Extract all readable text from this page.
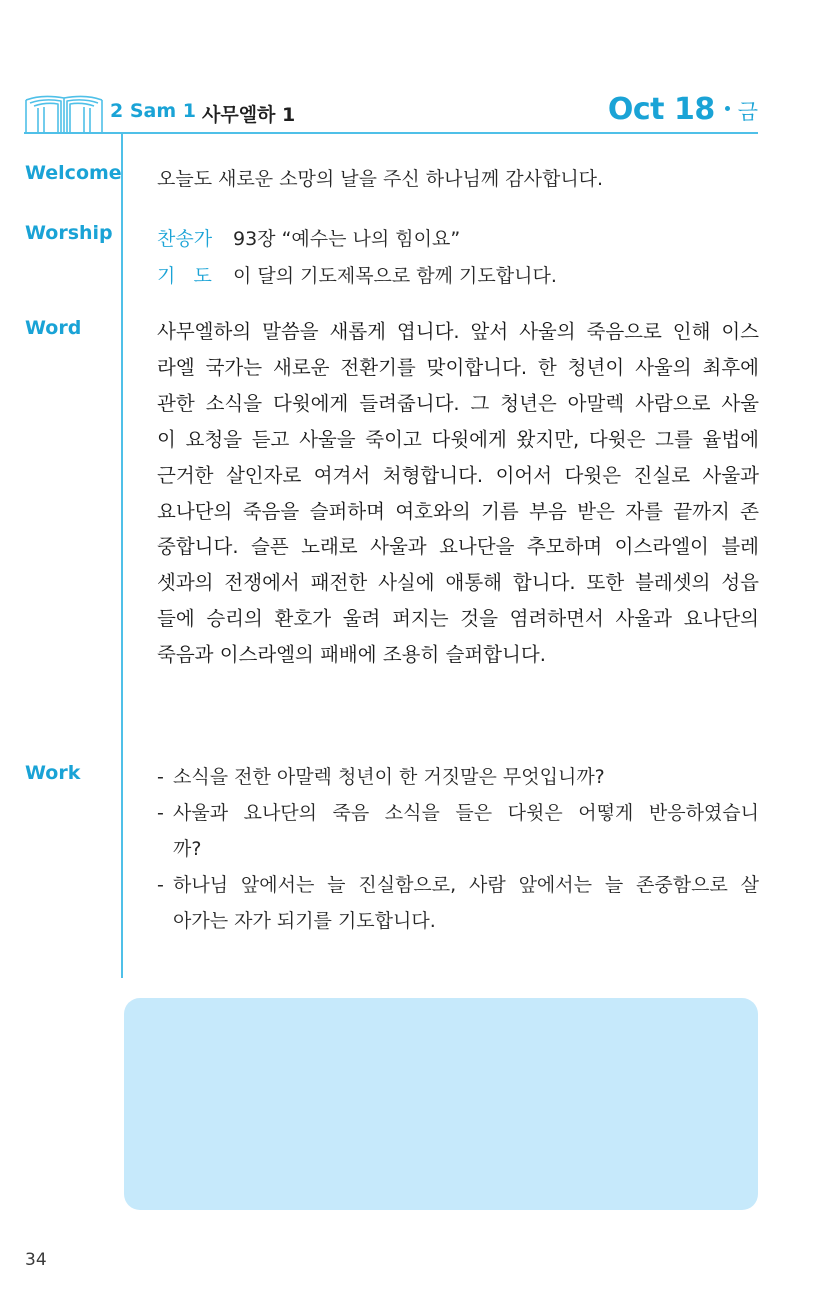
2 Sam 1 사무엘하 1	Oct 18 금
Welcome 오늘도 새로운 소망의 날을 주신 하나님께 감사합니다.
Worship 찬송가 93장 “예수는 나의 힘이요”
기   도 이 달의 기도제목으로 함께 기도합니다.
Word	사무엘하의 말씀을 새롭게 엽니다. 앞서 사울의 죽음으로 인해 이스
라엘 국가는 새로운 전환기를 맞이합니다. 한 청년이 사울의 최후에
관한 소식을 다윗에게 들려줍니다. 그 청년은 아말렉 사람으로 사울
이 요청을 듣고 사울을 죽이고 다윗에게 왔지만, 다윗은 그를 율법에
근거한 살인자로 여겨서 처형합니다. 이어서 다윗은 진실로 사울과
요나단의 죽음을 슬퍼하며 여호와의 기름 부음 받은 자를 끝까지 존
중합니다. 슬픈 노래로 사울과 요나단을 추모하며 이스라엘이 블레
셋과의 전쟁에서 패전한 사실에 애통해 합니다. 또한 블레셋의 성읍
들에 승리의 환호가 울려 퍼지는 것을 염려하면서 사울과 요나단의
죽음과 이스라엘의 패배에 조용히 슬퍼합니다.
Work	- 소식을 전한 아말렉 청년이 한 거짓말은 무엇입니까?
- 사울과 요나단의 죽음 소식을 들은 다윗은 어떻게 반응하였습니
까?
- 하나님 앞에서는 늘 진실함으로, 사람 앞에서는 늘 존중함으로 살
아가는 자가 되기를 기도합니다.
34
